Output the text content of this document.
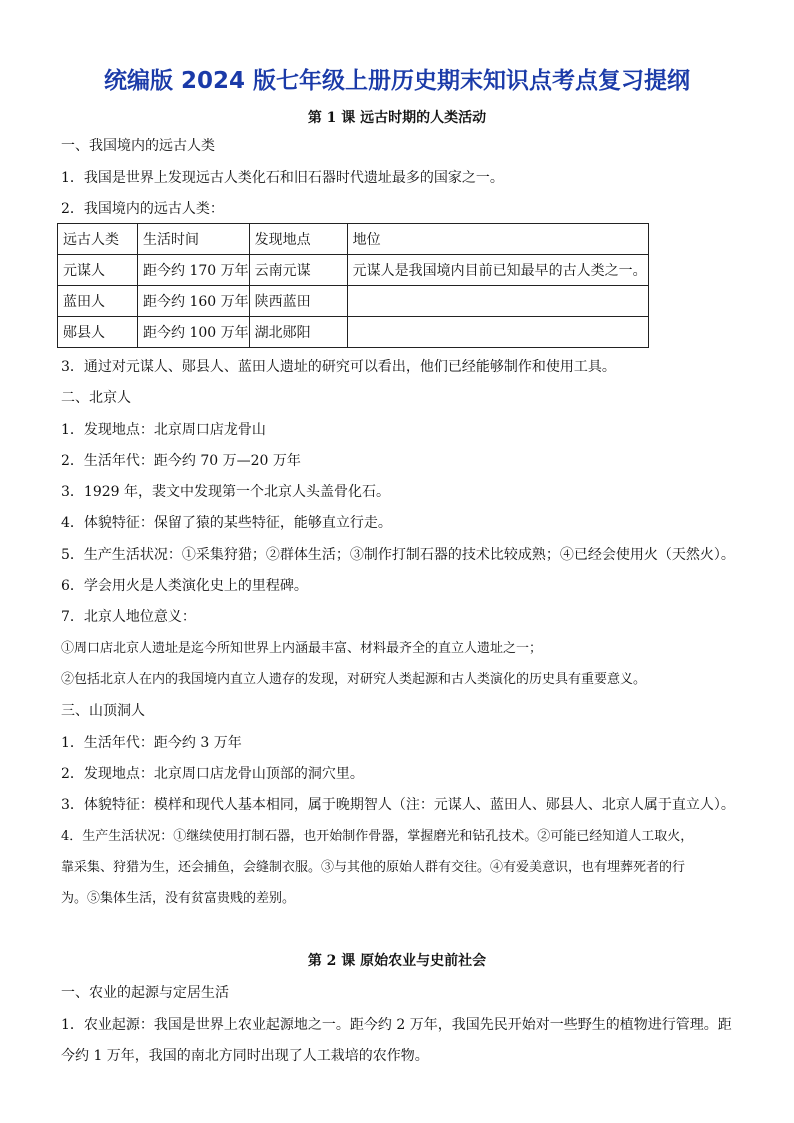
统编版 2024 版七年级上册历史期末知识点考点复习提纲
第 1 课 远古时期的人类活动
一、我国境内的远古人类
1．我国是世界上发现远古人类化石和旧石器时代遗址最多的国家之一。
2．我国境内的远古人类：
远古人类	生活时间	发现地点	地位
元谋人	距今约 170 万年	云南元谋	元谋人是我国境内目前已知最早的古人类之一。
蓝田人	距今约 160 万年	陕西蓝田	
郧县人	距今约 100 万年	湖北郧阳	
3．通过对元谋人、郧县人、蓝田人遗址的研究可以看出，他们已经能够制作和使用工具。
二、北京人
1．发现地点：北京周口店龙骨山
2．生活年代：距今约 70 万—20 万年
3．1929 年，裴文中发现第一个北京人头盖骨化石。
4．体貌特征：保留了猿的某些特征，能够直立行走。
5．生产生活状况：①采集狩猎；②群体生活；③制作打制石器的技术比较成熟；④已经会使用火（天然火）。
6．学会用火是人类演化史上的里程碑。
7．北京人地位意义：
①周口店北京人遗址是迄今所知世界上内涵最丰富、材料最齐全的直立人遗址之一；
②包括北京人在内的我国境内直立人遗存的发现，对研究人类起源和古人类演化的历史具有重要意义。
三、山顶洞人
1．生活年代：距今约 3 万年
2．发现地点：北京周口店龙骨山顶部的洞穴里。
3．体貌特征：模样和现代人基本相同，属于晚期智人（注：元谋人、蓝田人、郧县人、北京人属于直立人）。
4．生产生活状况：①继续使用打制石器，也开始制作骨器，掌握磨光和钻孔技术。②可能已经知道人工取火，
靠采集、狩猎为生，还会捕鱼，会缝制衣服。③与其他的原始人群有交往。④有爱美意识，也有埋葬死者的行
为。⑤集体生活，没有贫富贵贱的差别。
第 2 课 原始农业与史前社会
一、农业的起源与定居生活
1．农业起源：我国是世界上农业起源地之一。距今约 2 万年，我国先民开始对一些野生的植物进行管理。距
今约 1 万年，我国的南北方同时出现了人工栽培的农作物。
